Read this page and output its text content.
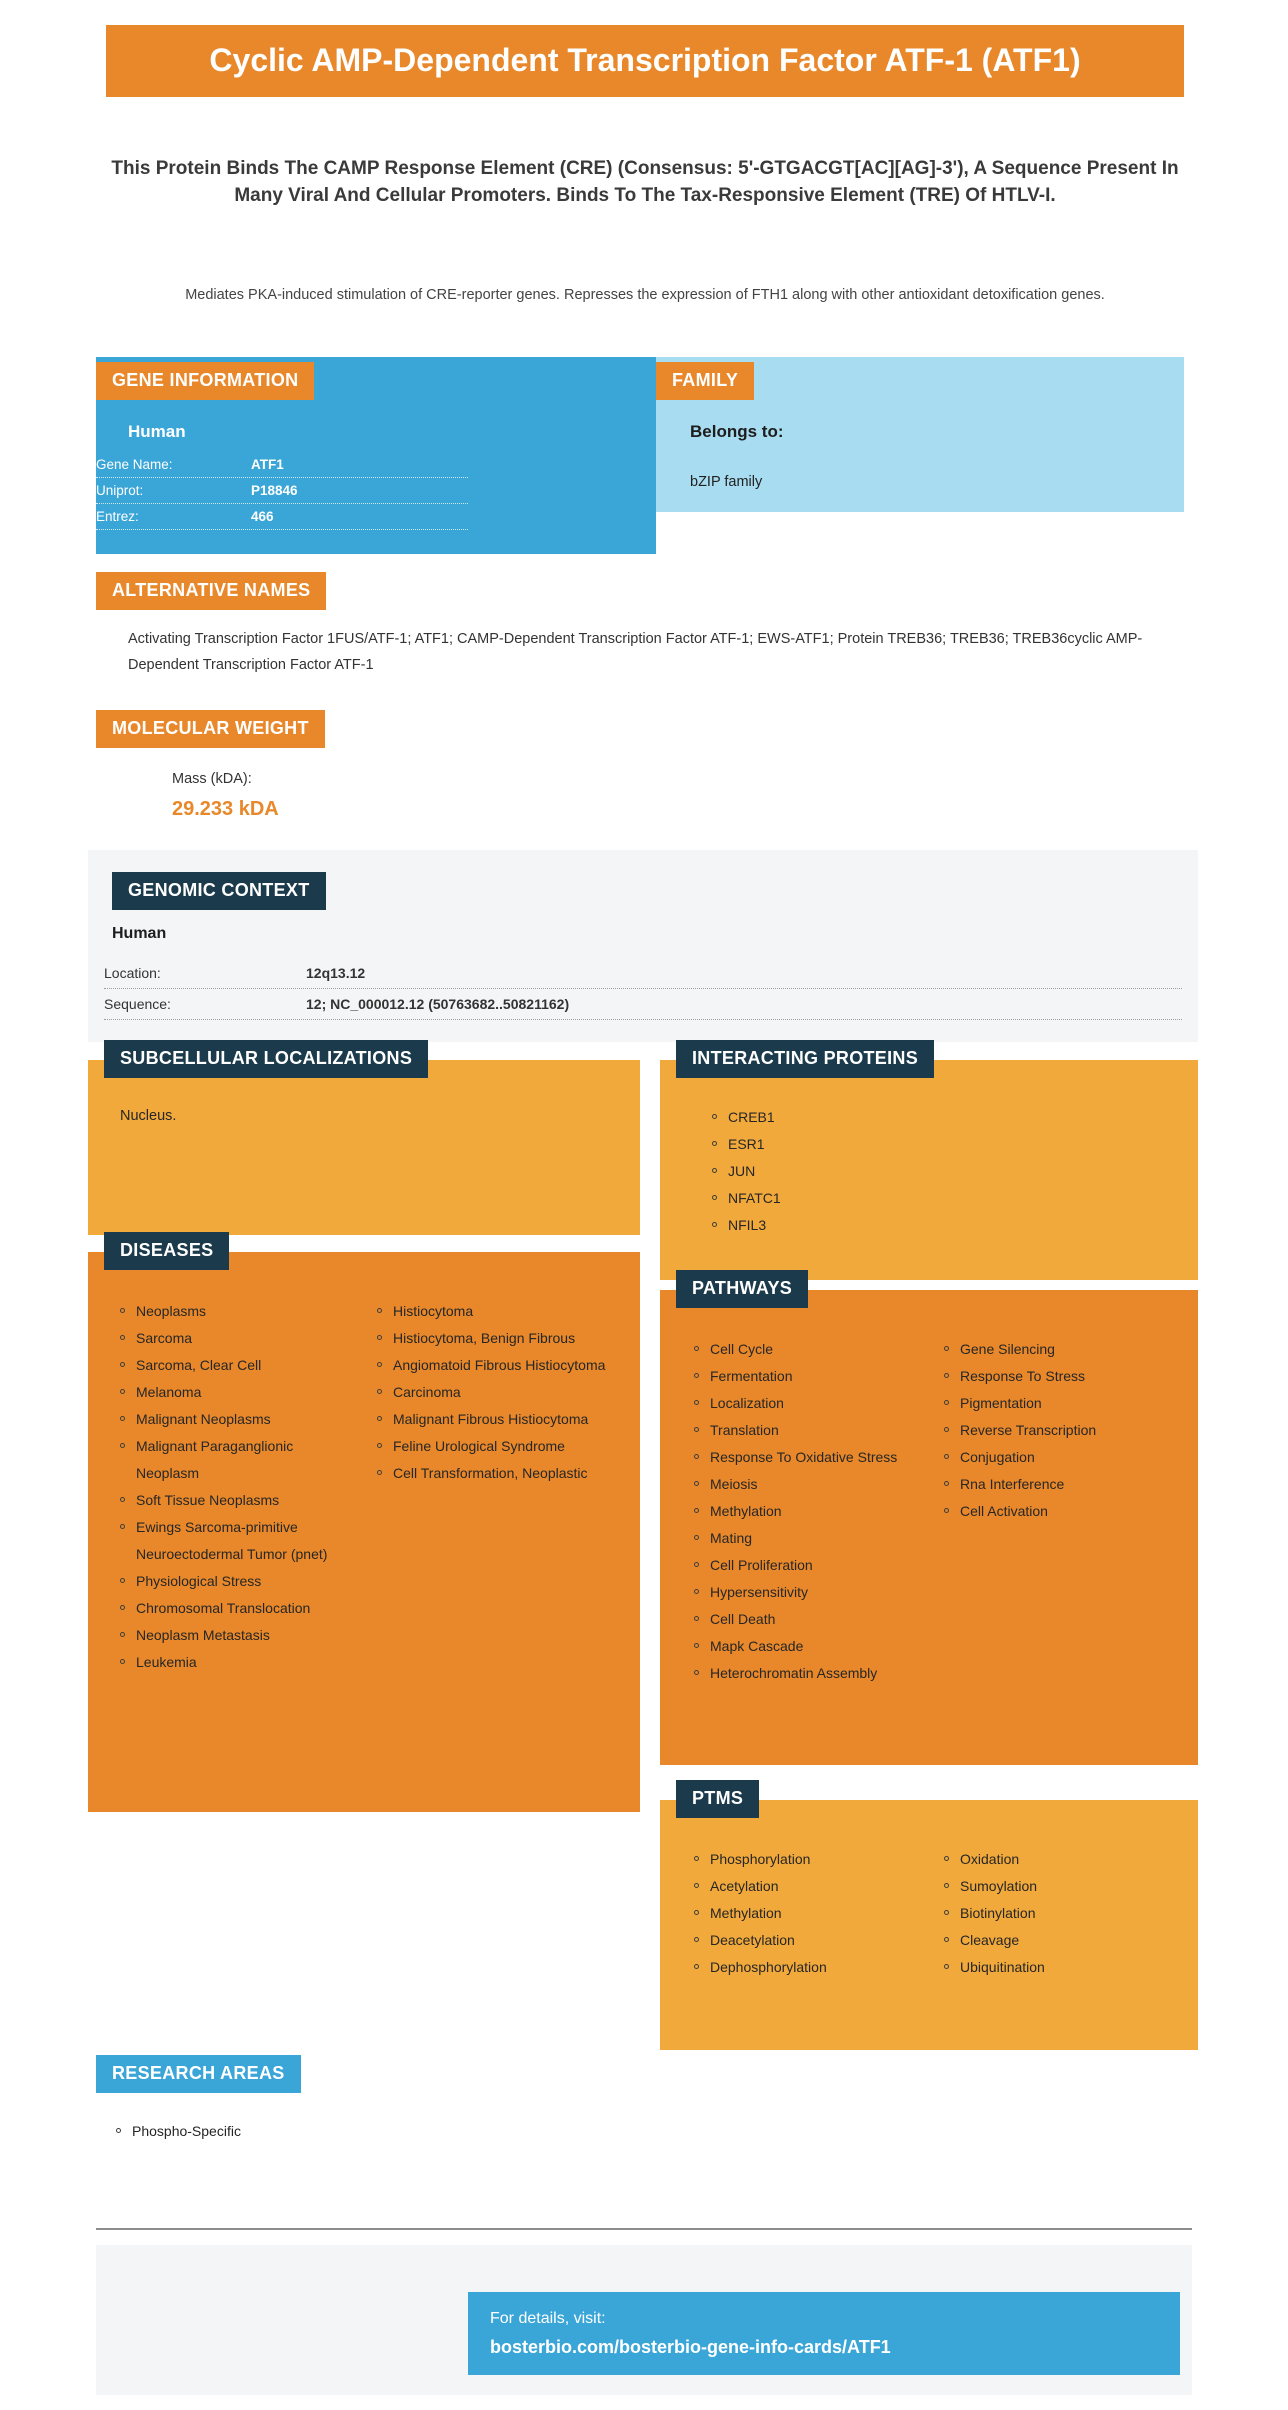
Cyclic AMP-Dependent Transcription Factor ATF-1 (ATF1)
This Protein Binds The CAMP Response Element (CRE) (Consensus: 5'-GTGACGT[AC][AG]-3'), A Sequence Present In Many Viral And Cellular Promoters. Binds To The Tax-Responsive Element (TRE) Of HTLV-I.
Mediates PKA-induced stimulation of CRE-reporter genes. Represses the expression of FTH1 along with other antioxidant detoxification genes.
GENE INFORMATION
Human
Gene Name:	ATF1
Uniprot:	P18846
Entrez:	466
FAMILY
Belongs to:
bZIP family
ALTERNATIVE NAMES
Activating Transcription Factor 1FUS/ATF-1; ATF1; CAMP-Dependent Transcription Factor ATF-1; EWS-ATF1; Protein TREB36; TREB36; TREB36cyclic AMP-Dependent Transcription Factor ATF-1
MOLECULAR WEIGHT
Mass (kDA):
29.233 kDA
GENOMIC CONTEXT
Human
Location:	12q13.12
Sequence:	12; NC_000012.12 (50763682..50821162)
SUBCELLULAR LOCALIZATIONS
Nucleus.
INTERACTING PROTEINS
CREB1
ESR1
JUN
NFATC1
NFIL3
DISEASES
Neoplasms
Sarcoma
Sarcoma, Clear Cell
Melanoma
Malignant Neoplasms
Malignant Paraganglionic Neoplasm
Soft Tissue Neoplasms
Ewings Sarcoma-primitive Neuroectodermal Tumor (pnet)
Physiological Stress
Chromosomal Translocation
Neoplasm Metastasis
Leukemia
Histiocytoma
Histiocytoma, Benign Fibrous
Angiomatoid Fibrous Histiocytoma
Carcinoma
Malignant Fibrous Histiocytoma
Feline Urological Syndrome
Cell Transformation, Neoplastic
PATHWAYS
Cell Cycle
Fermentation
Localization
Translation
Response To Oxidative Stress
Meiosis
Methylation
Mating
Cell Proliferation
Hypersensitivity
Cell Death
Mapk Cascade
Heterochromatin Assembly
Gene Silencing
Response To Stress
Pigmentation
Reverse Transcription
Conjugation
Rna Interference
Cell Activation
PTMS
Phosphorylation
Acetylation
Methylation
Deacetylation
Dephosphorylation
Oxidation
Sumoylation
Biotinylation
Cleavage
Ubiquitination
RESEARCH AREAS
Phospho-Specific
For details, visit:
bosterbio.com/bosterbio-gene-info-cards/ATF1
